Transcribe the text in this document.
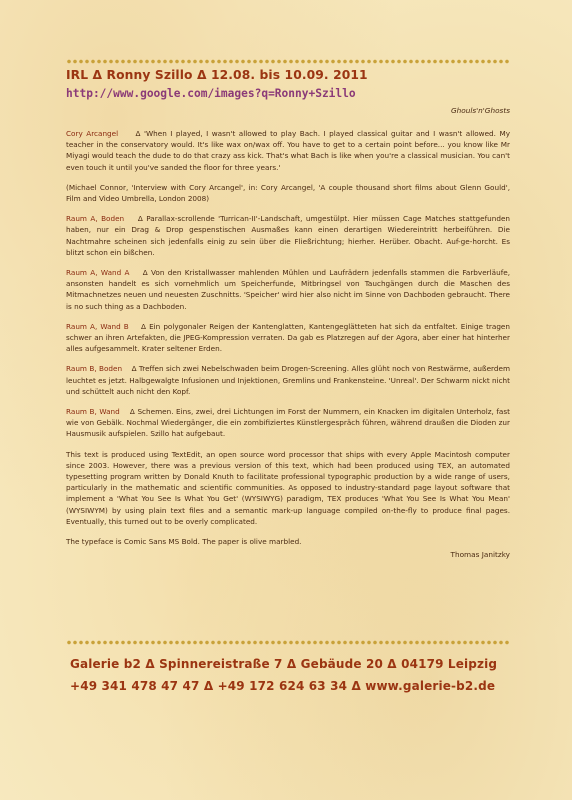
IRL Δ Ronny Szillo Δ 12.08. bis 10.09. 2011
http://www.google.com/images?q=Ronny+Szillo
Ghouls'n'Ghosts

Cory Arcangel     Δ 'When I played, I wasn't allowed to play Bach. I played classical guitar and I wasn't allowed. My teacher in the conservatory would. It's like wax on/wax off. You have to get to a certain point before... you know like Mr Miyagi would teach the dude to do that crazy ass kick. That's what Bach is like when you're a classical musician. You can't even touch it until you've sanded the floor for three years.'

(Michael Connor, 'Interview with Cory Arcangel', in: Cory Arcangel, 'A couple thousand short films about Glenn Gould', Film and Video Umbrella, London 2008)

Raum A, Boden    Δ Parallax-scrollende 'Turrican-II'-Landschaft, umgestülpt. Hier müssen Cage Matches stattgefunden haben, nur ein Drag & Drop gespenstischen Ausmaßes kann einen derartigen Wiedereintritt herbeiführen. Die Nachtmahre scheinen sich jedenfalls einig zu sein über die Fließrichtung; hierher. Herüber. Obacht. Auf-ge-horcht. Es blitzt schon ein bißchen.

Raum A, Wand A    Δ Von den Kristallwasser mahlenden Mühlen und Laufrädern jedenfalls stammen die Farbverläufe, ansonsten handelt es sich vornehmlich um Speicherfunde, Mitbringsel von Tauchgängen durch die Maschen des Mitmachnetzes neuen und neuesten Zuschnitts. 'Speicher' wird hier also nicht im Sinne von Dachboden gebraucht. There is no such thing as a Dachboden.

Raum A, Wand B    Δ Ein polygonaler Reigen der Kantenglatten, Kantengeglätteten hat sich da entfaltet. Einige tragen schwer an ihren Artefakten, die JPEG-Kompression verraten. Da gab es Platzregen auf der Agora, aber einer hat hinterher alles aufgesammelt. Krater seltener Erden.

Raum B, Boden    Δ Treffen sich zwei Nebelschwaden beim Drogen-Screening. Alles glüht noch von Restwärme, außerdem leuchtet es jetzt. Halbgewalgte Infusionen und Injektionen, Gremlins und Frankensteine. 'Unreal'. Der Schwarm nickt nicht und schüttelt auch nicht den Kopf.

Raum B, Wand    Δ Schemen. Eins, zwei, drei Lichtungen im Forst der Nummern, ein Knacken im digitalen Unterholz, fast wie von Gebälk. Nochmal Wiedergänger, die ein zombifiziertes Künstlergespräch führen, während draußen die Dioden zur Hausmusik aufspielen. Szillo hat aufgebaut.

This text is produced using TextEdit, an open source word processor that ships with every Apple Macintosh computer since 2003. However, there was a previous version of this text, which had been produced using TEX, an automated typesetting program written by Donald Knuth to facilitate professional typographic production by a wide range of users, particularly in the mathematic and scientific communities. As opposed to industry-standard page layout software that implement a 'What You See Is What You Get' (WYSIWYG) paradigm, TEX produces 'What You See Is What You Mean' (WYSIWYM) by using plain text files and a semantic mark-up language compiled on-the-fly to produce final pages. Eventually, this turned out to be overly complicated.

The typeface is Comic Sans MS Bold. The paper is olive marbled.

Thomas Janitzky
Galerie b2 Δ Spinnereistraße 7 Δ Gebäude 20 Δ 04179 Leipzig
+49 341 478 47 47 Δ +49 172 624 63 34 Δ www.galerie-b2.de
